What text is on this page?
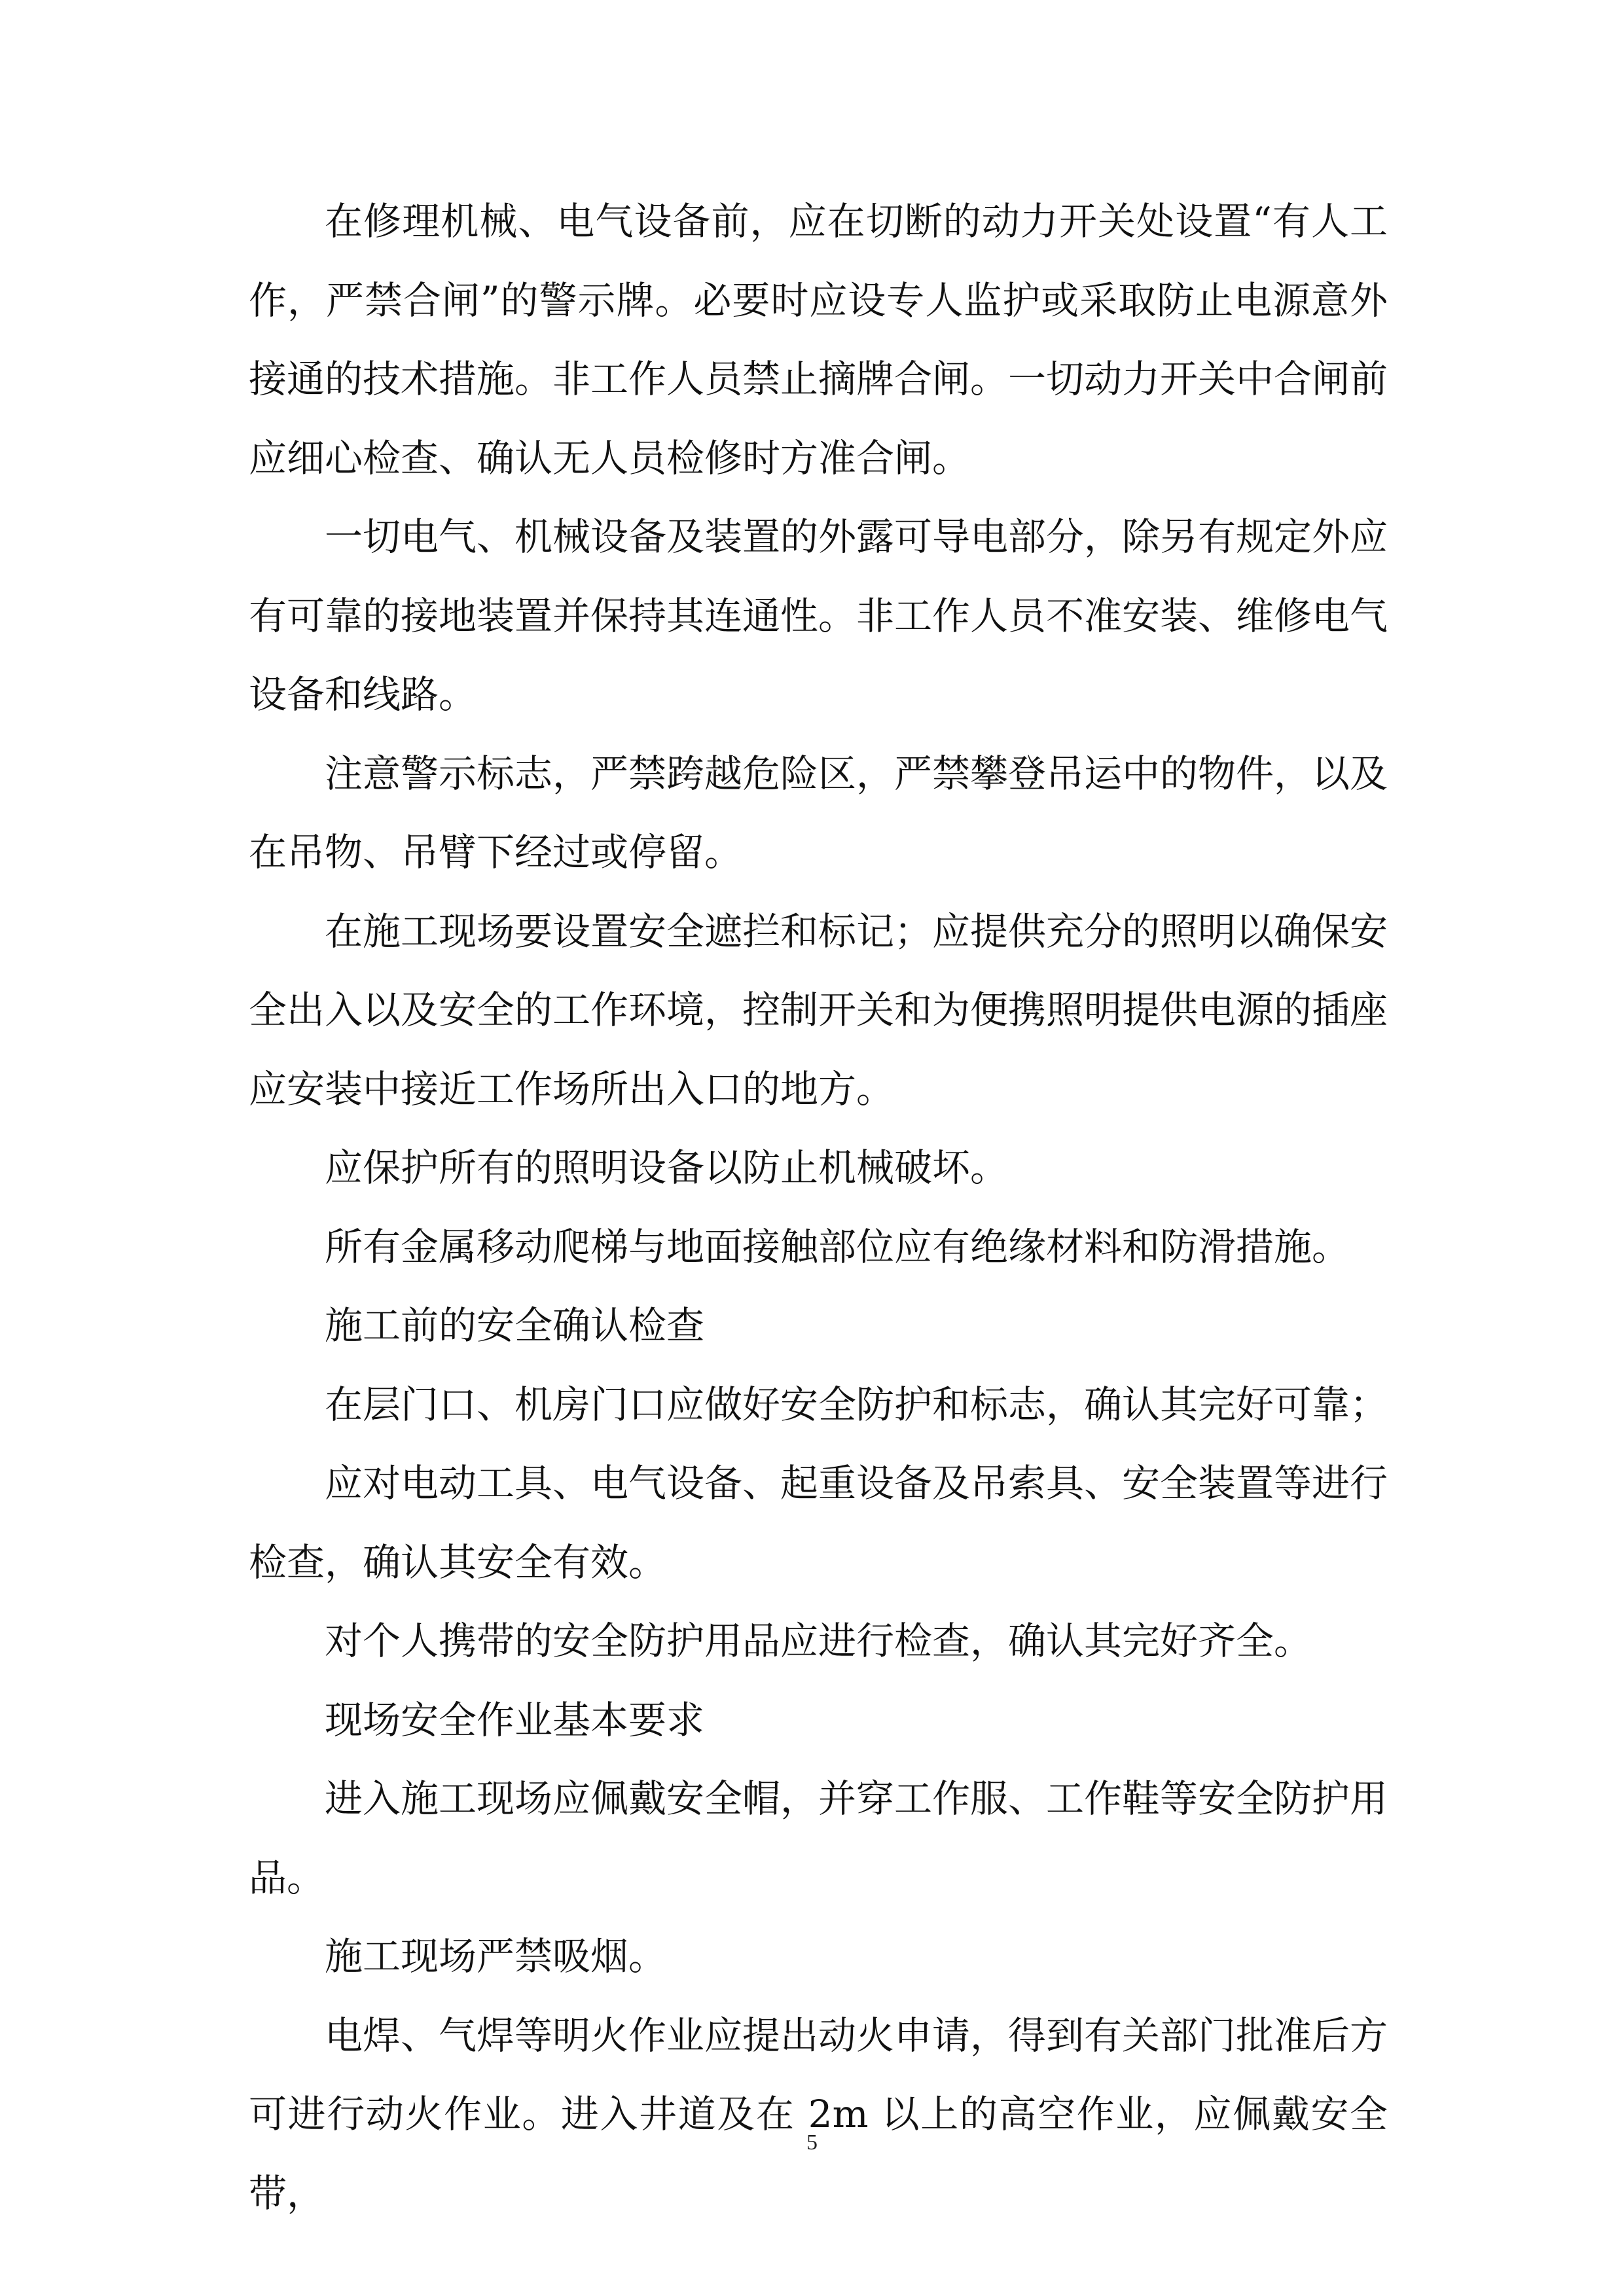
在修理机械、电气设备前，应在切断的动力开关处设置“有人工作，严禁合闸”的警示牌。必要时应设专人监护或采取防止电源意外接通的技术措施。非工作人员禁止摘牌合闸。一切动力开关中合闸前应细心检查、确认无人员检修时方准合闸。

一切电气、机械设备及装置的外露可导电部分，除另有规定外应有可靠的接地装置并保持其连通性。非工作人员不准安装、维修电气设备和线路。

注意警示标志，严禁跨越危险区，严禁攀登吊运中的物件，以及在吊物、吊臂下经过或停留。

在施工现场要设置安全遮拦和标记；应提供充分的照明以确保安全出入以及安全的工作环境，控制开关和为便携照明提供电源的插座应安装中接近工作场所出入口的地方。

应保护所有的照明设备以防止机械破坏。

所有金属移动爬梯与地面接触部位应有绝缘材料和防滑措施。

施工前的安全确认检查

在层门口、机房门口应做好安全防护和标志，确认其完好可靠；

应对电动工具、电气设备、起重设备及吊索具、安全装置等进行检查，确认其安全有效。

对个人携带的安全防护用品应进行检查，确认其完好齐全。

现场安全作业基本要求

进入施工现场应佩戴安全帽，并穿工作服、工作鞋等安全防护用品。

施工现场严禁吸烟。

电焊、气焊等明火作业应提出动火申请，得到有关部门批准后方可进行动火作业。进入井道及在 2m 以上的高空作业，应佩戴安全带，

5
